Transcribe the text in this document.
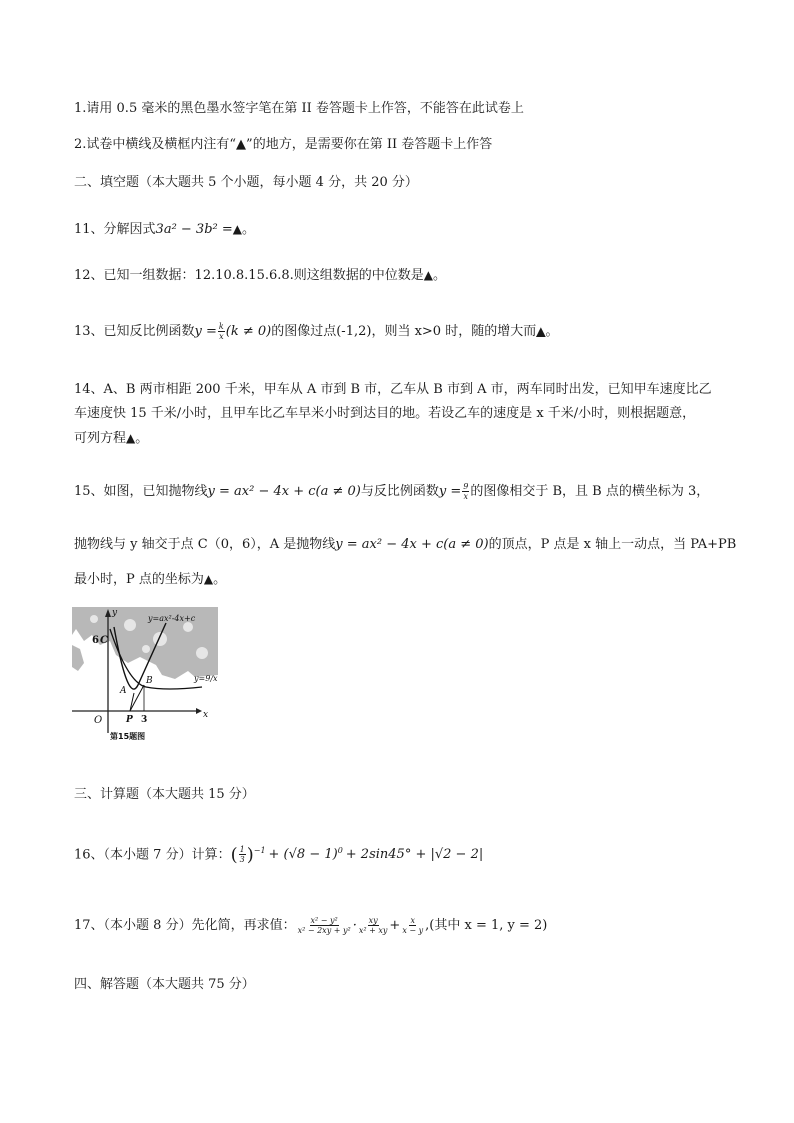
1.请用 0.5 毫米的黑色墨水签字笔在第 II 卷答题卡上作答，不能答在此试卷上
2.试卷中横线及横框内注有“▲”的地方，是需要你在第 II 卷答题卡上作答
二、填空题（本大题共 5 个小题，每小题 4 分，共 20 分）
11、分解因式3a² − 3b² =▲。
12、已知一组数据：12.10.8.15.6.8.则这组数据的中位数是▲。
13、已知反比例函数$y = \frac{k}{x} (k \ne 0)$的图像过点(-1,2)，则当 x>0 时，随的增大而▲。
14、A、B 两市相距 200 千米，甲车从 A 市到 B 市，乙车从 B 市到 A 市，两车同时出发，已知甲车速度比乙
车速度快 15 千米/小时，且甲车比乙车早米小时到达目的地。若设乙车的速度是 x 千米/小时，则根据题意，
可列方程▲。
15、如图，已知抛物线y = ax² − 4x + c(a ≠ 0)与反比例函数$y = \frac{9}{x}$ 的图像相交于 B，且 B 点的横坐标为 3，
抛物线与 y 轴交于点 C（0，6），A 是抛物线y = ax² − 4x + c(a ≠ 0)的顶点，P 点是 x 轴上一动点，当 PA+PB
最小时，P 点的坐标为▲。
y=ax²-4x+c
y=9/x
y
x
O
6 C
A
B
P 3
第15题图
三、计算题（本大题共 15 分）
16、（本小题 7 分）计算：( $\frac{1}{3} )^{-1} + (√8 - 1)^0 + 2\sin 45^\circ + |√2 - 2|$
17、（本小题 8 分）先化简，再求值： $\frac{\text{x² − y²}}{\text{x² − 2xy + y²}} \cdot \frac{xy}{\text{x² + xy}} + \frac{x}{x - y}$ ,(其中 x = 1, y = 2)
四、解答题（本大题共 75 分）
